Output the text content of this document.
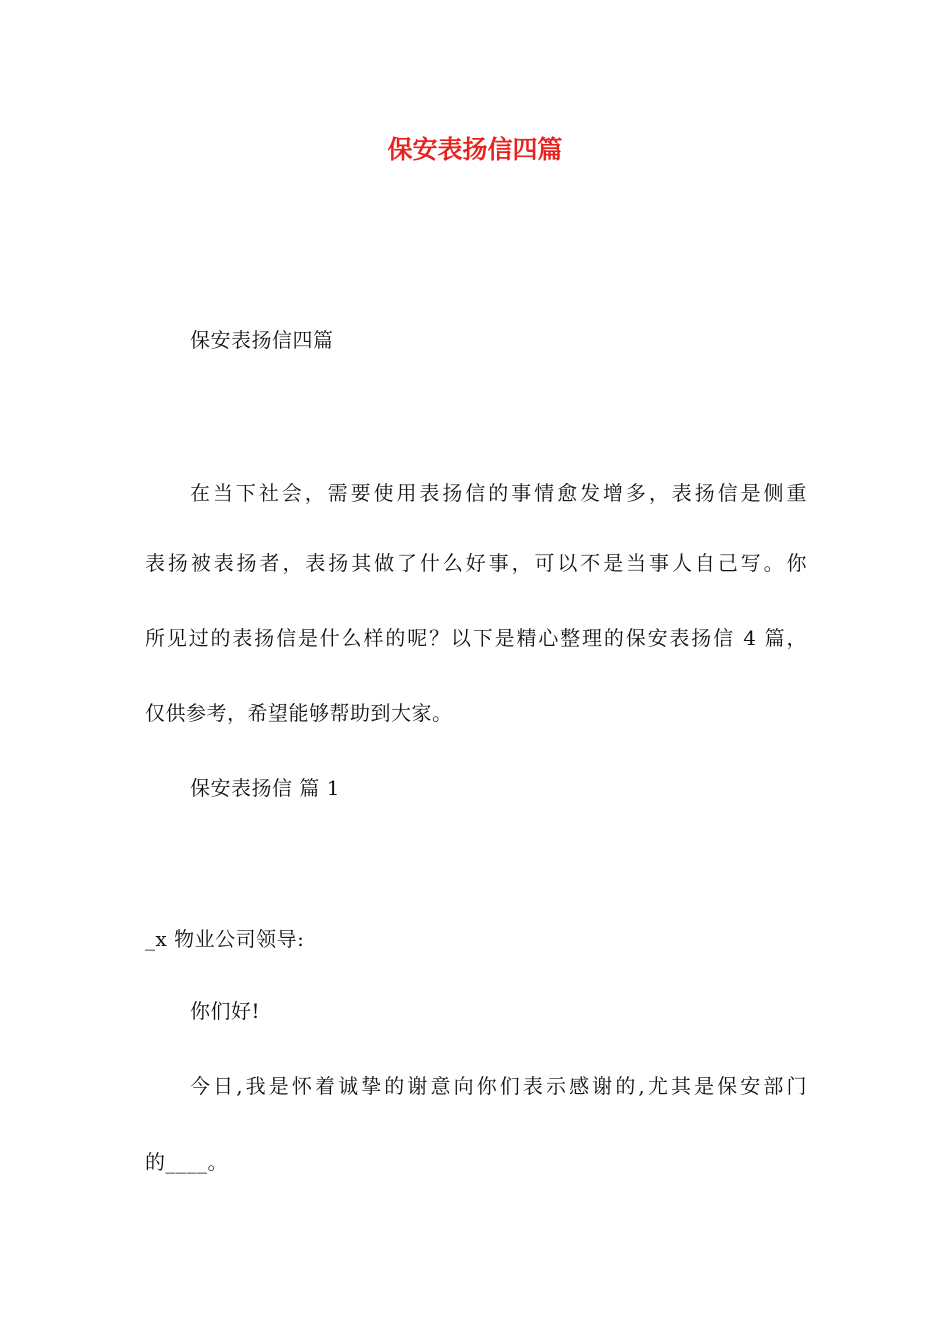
保安表扬信四篇
保安表扬信四篇
在当下社会，需要使用表扬信的事情愈发增多，表扬信是侧重
表扬被表扬者，表扬其做了什么好事，可以不是当事人自己写。你
所见过的表扬信是什么样的呢？以下是精心整理的保安表扬信 4 篇，
仅供参考，希望能够帮助到大家。
保安表扬信 篇 1
_x 物业公司领导:
你们好!
今日,我是怀着诚挚的谢意向你们表示感谢的,尤其是保安部门
的____。
